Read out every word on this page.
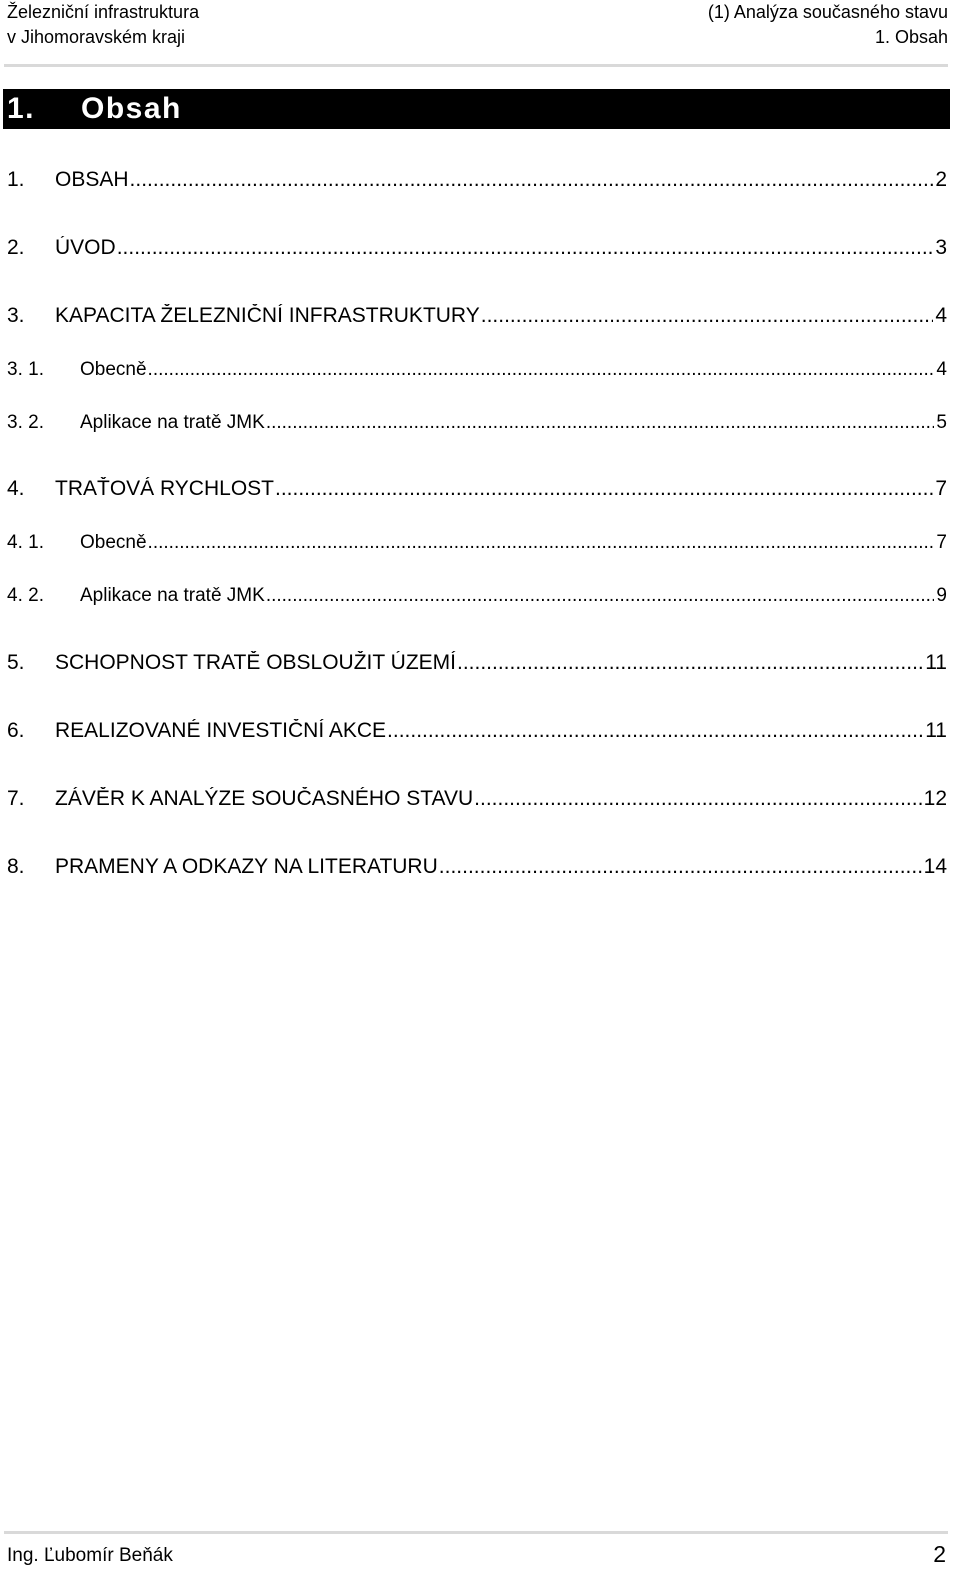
Železniční infrastruktura
v Jihomoravském kraji
(1) Analýza současného stavu
1. Obsah
1. Obsah
1.	OBSAH .....	2
2.	ÚVOD .....	3
3.	KAPACITA ŽELEZNIČNÍ INFRASTRUKTURY .....	4
3. 1.	Obecně .....	4
3. 2.	Aplikace na tratě JMK .....	5
4.	TRAŤOVÁ RYCHLOST .....	7
4. 1.	Obecně .....	7
4. 2.	Aplikace na tratě JMK .....	9
5.	SCHOPNOST TRATĚ OBSLOUŽIT ÚZEMÍ .....	11
6.	REALIZOVANÉ INVESTIČNÍ AKCE .....	11
7.	ZÁVĚR K ANALÝZE SOUČASNÉHO STAVU .....	12
8.	PRAMENY A ODKAZY NA LITERATURU .....	14
Ing. Ľubomír Beňák	2
